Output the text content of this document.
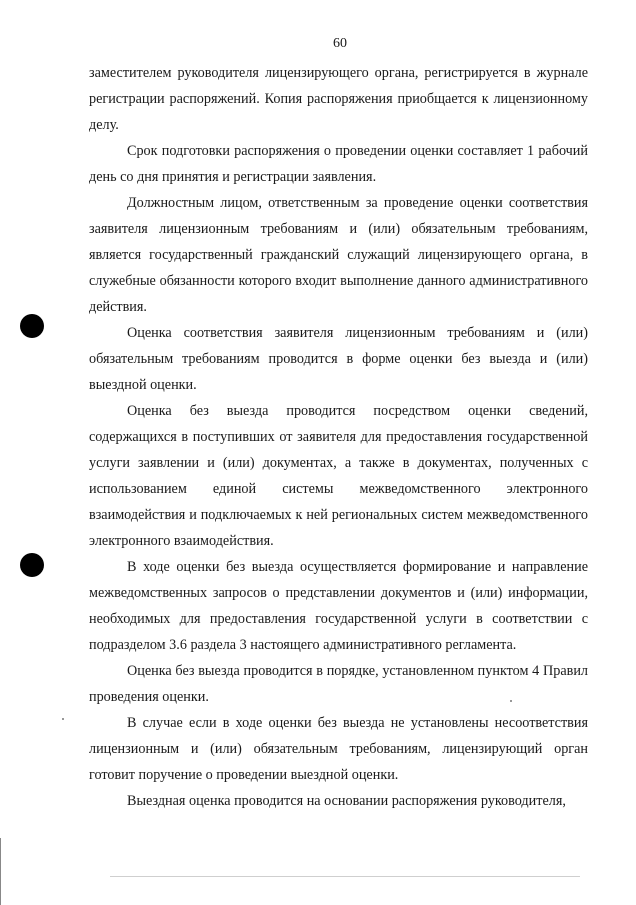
60

заместителем руководителя лицензирующего органа, регистрируется в журнале регистрации распоряжений. Копия распоряжения приобщается к лицензионному делу.

Срок подготовки распоряжения о проведении оценки составляет 1 рабочий день со дня принятия и регистрации заявления.

Должностным лицом, ответственным за проведение оценки соответствия заявителя лицензионным требованиям и (или) обязательным требованиям, является государственный гражданский служащий лицензирующего органа, в служебные обязанности которого входит выполнение данного административного действия.

Оценка соответствия заявителя лицензионным требованиям и (или) обязательным требованиям проводится в форме оценки без выезда и (или) выездной оценки.

Оценка без выезда проводится посредством оценки сведений, содержащихся в поступивших от заявителя для предоставления государственной услуги заявлении и (или) документах, а также в документах, полученных с использованием единой системы межведомственного электронного взаимодействия и подключаемых к ней региональных систем межведомственного электронного взаимодействия.

В ходе оценки без выезда осуществляется формирование и направление межведомственных запросов о представлении документов и (или) информации, необходимых для предоставления государственной услуги в соответствии с подразделом 3.6 раздела 3 настоящего административного регламента.

Оценка без выезда проводится в порядке, установленном пунктом 4 Правил проведения оценки.

В случае если в ходе оценки без выезда не установлены несоответствия лицензионным и (или) обязательным требованиям, лицензирующий орган готовит поручение о проведении выездной оценки.

Выездная оценка проводится на основании распоряжения руководителя,
